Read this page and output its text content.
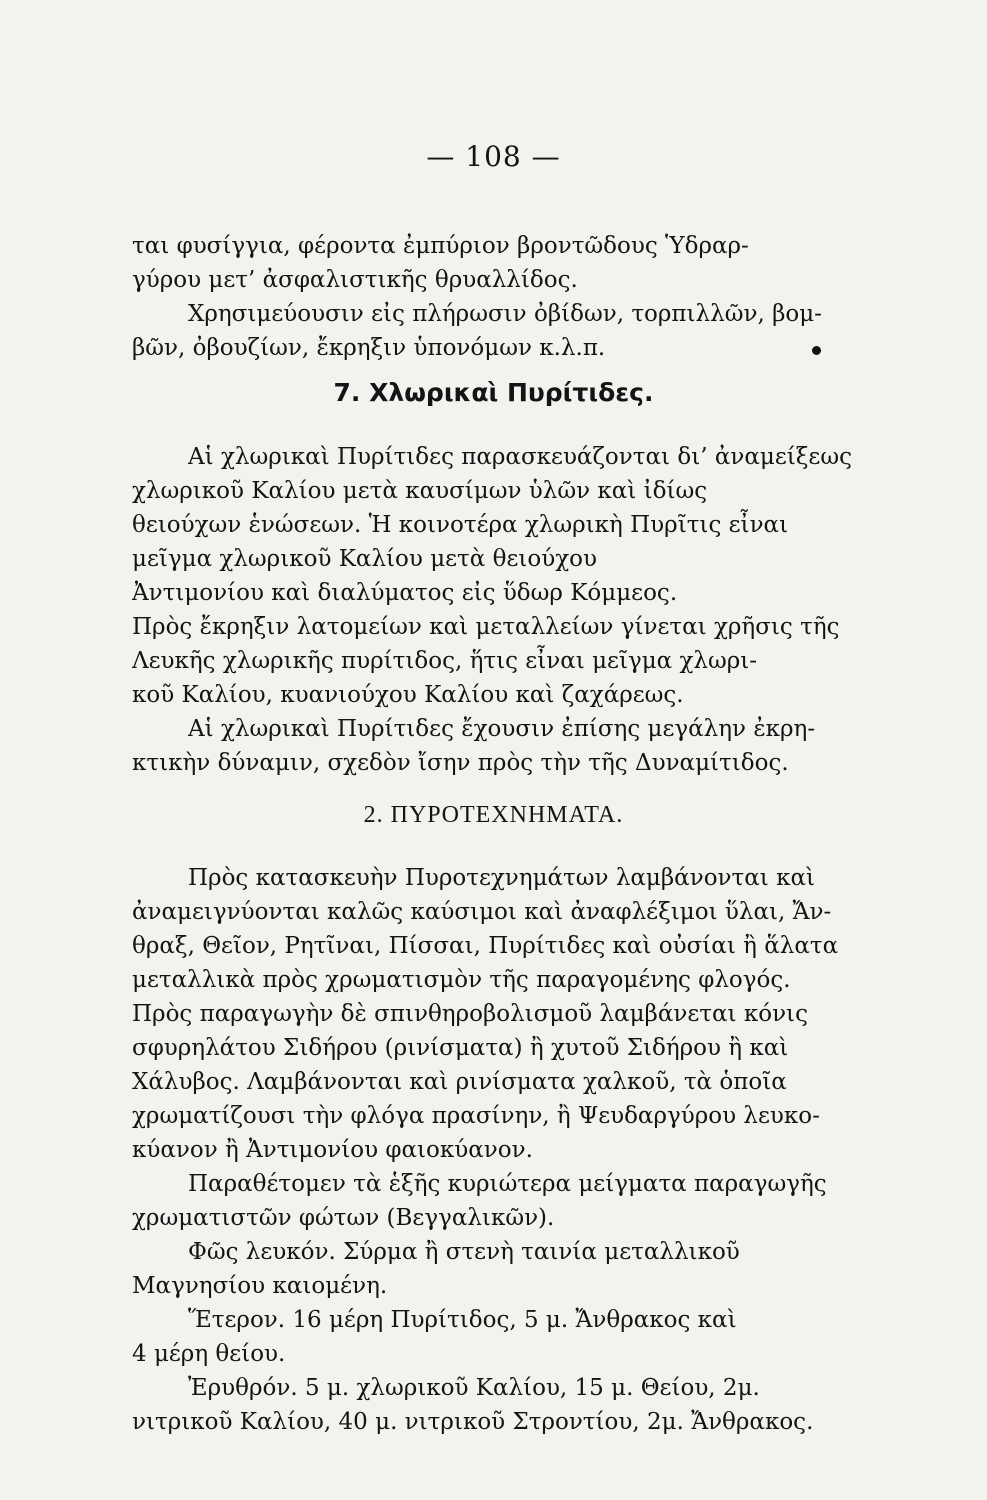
— 108 —
ται φυσίγγια, φέροντα ἐμπύριον βροντῶδους Ὑδραρ-
γύρου μετ’ ἀσφαλιστικῆς θρυαλλίδος.
Χρησιμεύουσιν εἰς πλήρωσιν ὀβίδων, τορπιλλῶν, βομ-
βῶν, ὀβουζίων, ἔκρηξιν ὑπονόμων κ.λ.π.
7. Χλωρικαὶ Πυρίτιδες.
Αἱ χλωρικαὶ Πυρίτιδες παρασκευάζονται δι’ ἀναμείξεως
χλωρικοῦ Καλίου μετὰ καυσίμων ὑλῶν καὶ ἰδίως
θειούχων ἑνώσεων. Ἡ κοινοτέρα χλωρικὴ Πυρῖτις εἶναι
μεῖγμα χλωρικοῦ Καλίου μετὰ θειούχου
Ἀντιμονίου καὶ διαλύματος εἰς ὕδωρ Κόμμεος.
Πρὸς ἔκρηξιν λατομείων καὶ μεταλλείων γίνεται χρῆσις τῆς
Λευκῆς χλωρικῆς πυρίτιδος, ἥτις εἶναι μεῖγμα χλωρι-
κοῦ Καλίου, κυανιούχου Καλίου καὶ ζαχάρεως.
Αἱ χλωρικαὶ Πυρίτιδες ἔχουσιν ἐπίσης μεγάλην ἐκρη-
κτικὴν δύναμιν, σχεδὸν ἴσην πρὸς τὴν τῆς Δυναμίτιδος.
2. ΠΥΡΟΤΕΧΝΗΜΑΤΑ.
Πρὸς κατασκευὴν Πυροτεχνημάτων λαμβάνονται καὶ
ἀναμειγνύονται καλῶς καύσιμοι καὶ ἀναφλέξιμοι ὕλαι, Ἄν-
θραξ, Θεῖον, Ρητῖναι, Πίσσαι, Πυρίτιδες καὶ οὐσίαι ἢ ἅλατα
μεταλλικὰ πρὸς χρωματισμὸν τῆς παραγομένης φλογός.
Πρὸς παραγωγὴν δὲ σπινθηροβολισμοῦ λαμβάνεται κόνις
σφυρηλάτου Σιδήρου (ρινίσματα) ἢ χυτοῦ Σιδήρου ἢ καὶ
Χάλυβος. Λαμβάνονται καὶ ρινίσματα χαλκοῦ, τὰ ὁποῖα
χρωματίζουσι τὴν φλόγα πρασίνην, ἢ Ψευδαργύρου λευκο-
κύανον ἢ Ἀντιμονίου φαιοκύανον.
Παραθέτομεν τὰ ἑξῆς κυριώτερα μείγματα παραγωγῆς
χρωματιστῶν φώτων (Βεγγαλικῶν).
Φῶς λευκόν. Σύρμα ἢ στενὴ ταινία μεταλλικοῦ
Μαγνησίου καιομένη.
Ἕτερον. 16 μέρη Πυρίτιδος, 5 μ. Ἄνθρακος καὶ
4 μέρη θείου.
Ἐρυθρόν. 5 μ. χλωρικοῦ Καλίου, 15 μ. Θείου, 2μ.
νιτρικοῦ Καλίου, 40 μ. νιτρικοῦ Στροντίου, 2μ. Ἄνθρακος.
